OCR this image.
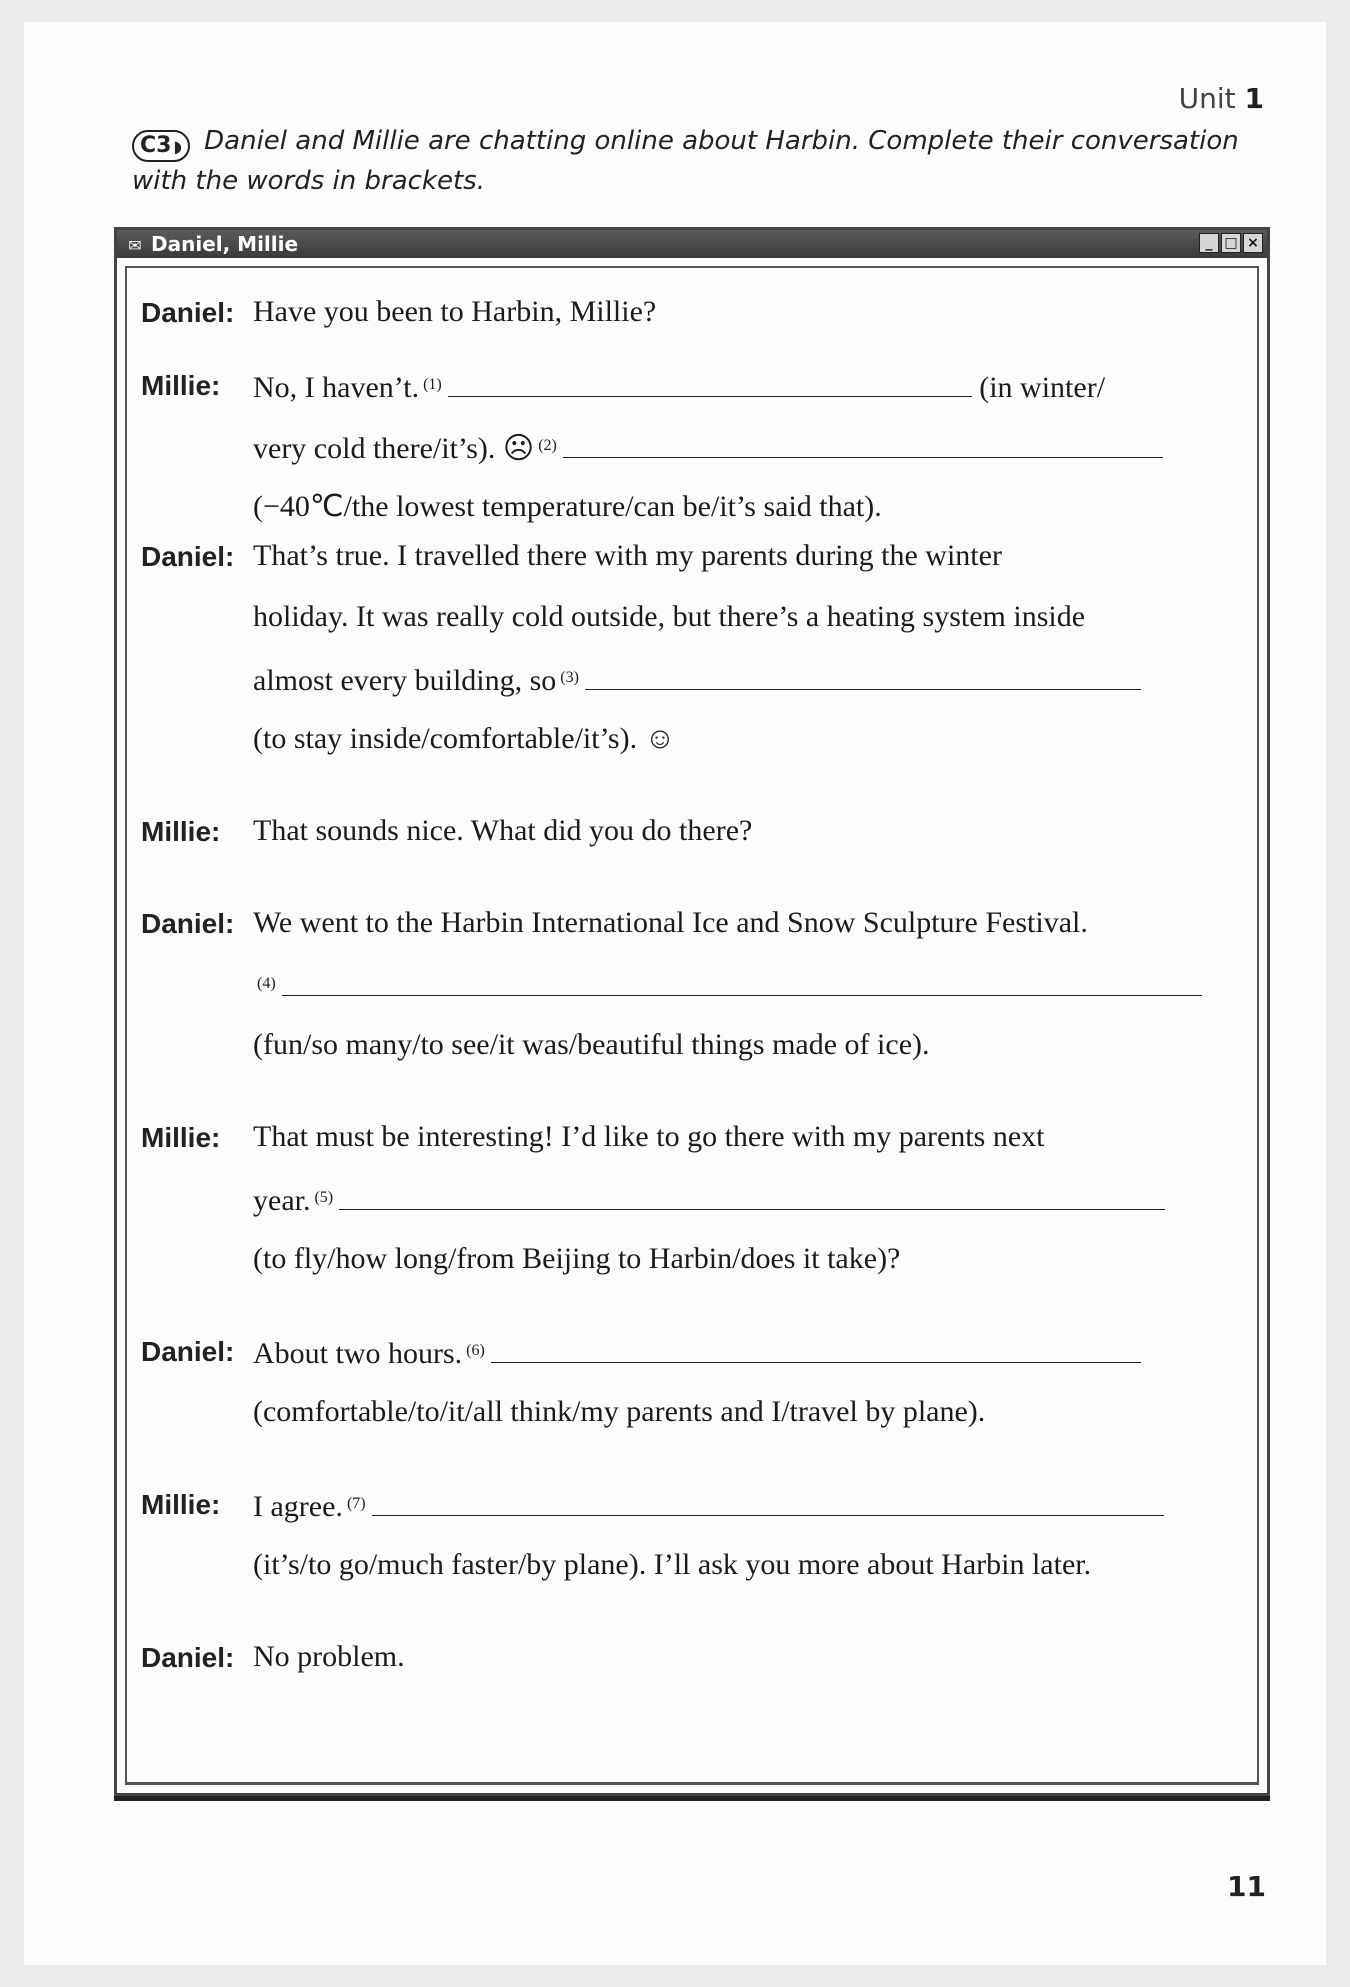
Unit 1
C3 ◗ Daniel and Millie are chatting online about Harbin. Complete their conversation with the words in brackets.
✉ Daniel, Millie	_ □ ×
Daniel: Have you been to Harbin, Millie?
Millie:	No, I haven’t. $^{(1)}$	(in winter/
very cold there/it’s). ☹ $^{(2)}$
(−40℃/the lowest temperature/can be/it’s said that).
Daniel: That’s true. I travelled there with my parents during the winter
holiday. It was really cold outside, but there’s a heating system inside
almost every building, so $^{(3)}$
(to stay inside/comfortable/it’s). ☺
Millie:	That sounds nice. What did you do there?
Daniel: We went to the Harbin International Ice and Snow Sculpture Festival.
$^{(4)}$
(fun/so many/to see/it was/beautiful things made of ice).
Millie:	That must be interesting! I’d like to go there with my parents next
year. $^{(5)}$
(to fly/how long/from Beijing to Harbin/does it take)?
Daniel: About two hours. $^{(6)}$
(comfortable/to/it/all think/my parents and I/travel by plane).
Millie:	I agree. $^{(7)}$
(it’s/to go/much faster/by plane). I’ll ask you more about Harbin later.
Daniel: No problem.
11
